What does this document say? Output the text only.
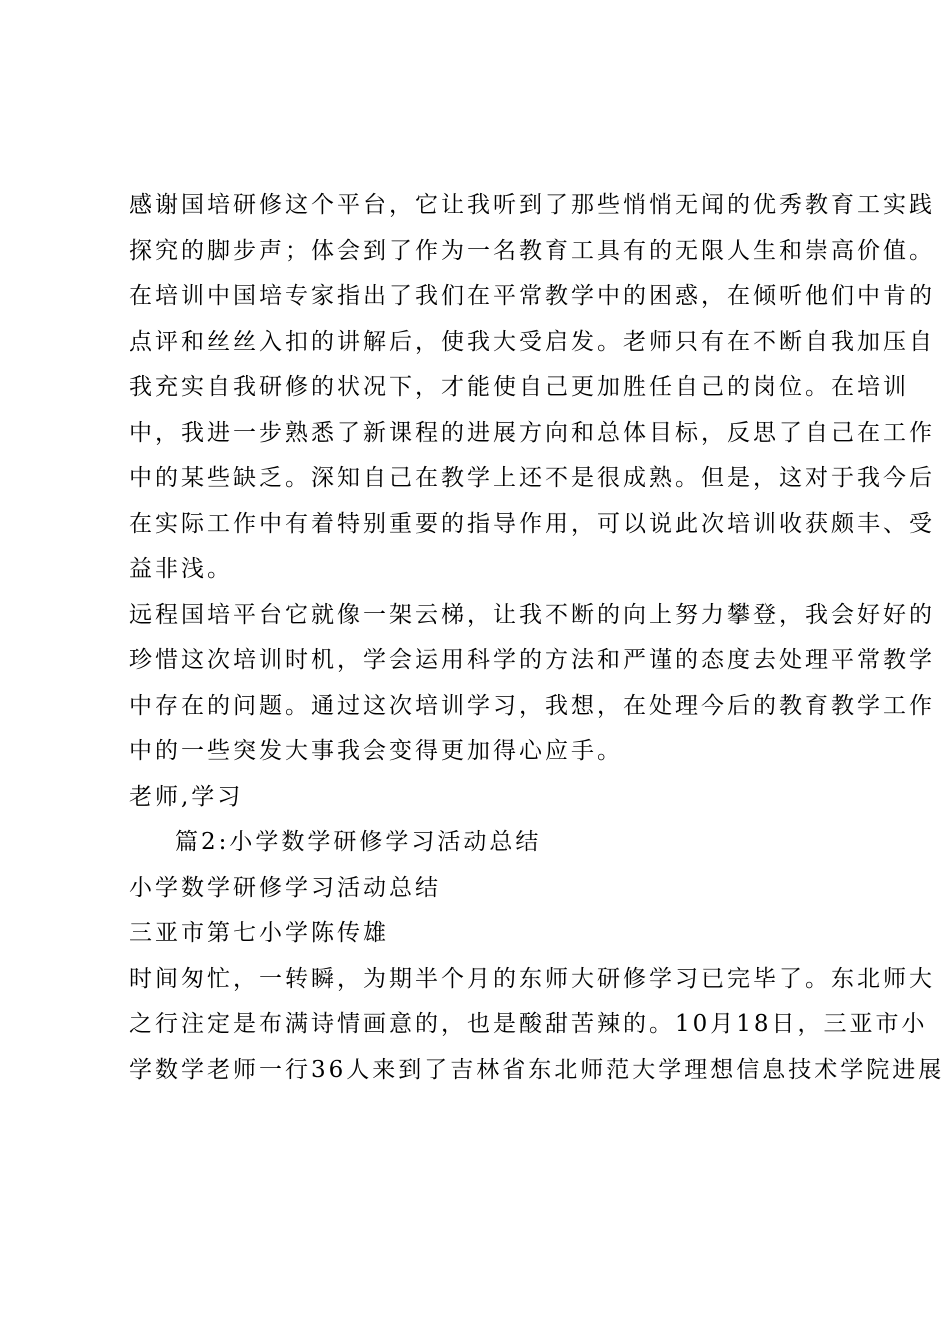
感谢国培研修这个平台，它让我听到了那些悄悄无闻的优秀教育工实践
探究的脚步声；体会到了作为一名教育工具有的无限人生和崇高价值。

在培训中国培专家指出了我们在平常教学中的困惑，在倾听他们中肯的
点评和丝丝入扣的讲解后，使我大受启发。老师只有在不断自我加压自
我充实自我研修的状况下，才能使自己更加胜任自己的岗位。在培训
中，我进一步熟悉了新课程的进展方向和总体目标，反思了自己在工作
中的某些缺乏。深知自己在教学上还不是很成熟。但是，这对于我今后
在实际工作中有着特别重要的指导作用，可以说此次培训收获颇丰、受
益非浅。

远程国培平台它就像一架云梯，让我不断的向上努力攀登，我会好好的
珍惜这次培训时机，学会运用科学的方法和严谨的态度去处理平常教学
中存在的问题。通过这次培训学习，我想，在处理今后的教育教学工作
中的一些突发大事我会变得更加得心应手。

老师,学习

篇2:小学数学研修学习活动总结

小学数学研修学习活动总结

三亚市第七小学陈传雄

时间匆忙，一转瞬，为期半个月的东师大研修学习已完毕了。东北师大
之行注定是布满诗情画意的，也是酸甜苦辣的。10月18日，三亚市小
学数学老师一行36人来到了吉林省东北师范大学理想信息技术学院进展
